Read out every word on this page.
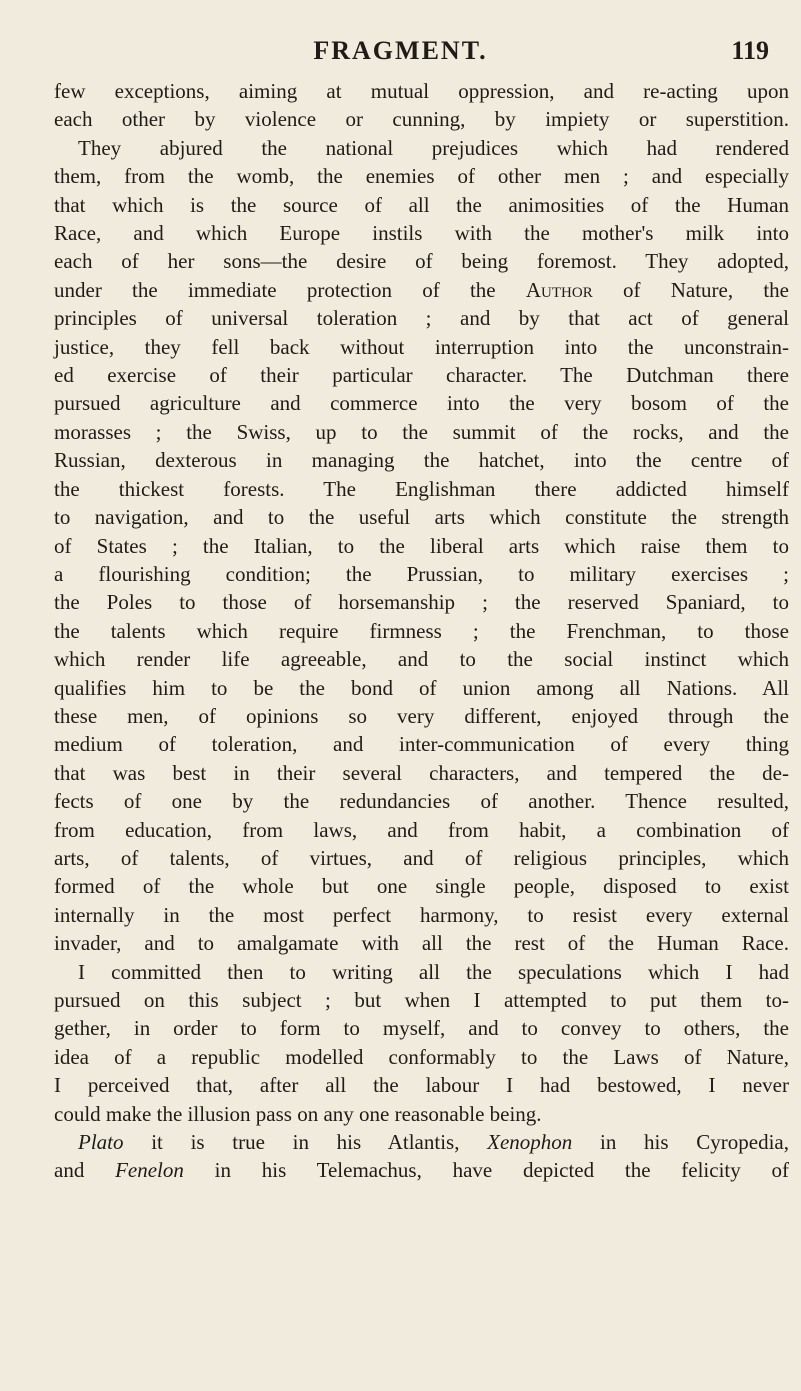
FRAGMENT.	119
few exceptions, aiming at mutual oppression, and re-acting upon
each other by violence or cunning, by impiety or superstition.
They abjured the national prejudices which had rendered
them, from the womb, the enemies of other men ; and especially
that which is the source of all the animosities of the Human
Race, and which Europe instils with the mother's milk into
each of her sons—the desire of being foremost. They adopted,
under the immediate protection of the Author of Nature, the
principles of universal toleration ; and by that act of general
justice, they fell back without interruption into the unconstrain-
ed exercise of their particular character. The Dutchman there
pursued agriculture and commerce into the very bosom of the
morasses ; the Swiss, up to the summit of the rocks, and the
Russian, dexterous in managing the hatchet, into the centre of
the thickest forests. The Englishman there addicted himself
to navigation, and to the useful arts which constitute the strength
of States ; the Italian, to the liberal arts which raise them to
a flourishing condition; the Prussian, to military exercises ;
the Poles to those of horsemanship ; the reserved Spaniard, to
the talents which require firmness ; the Frenchman, to those
which render life agreeable, and to the social instinct which
qualifies him to be the bond of union among all Nations. All
these men, of opinions so very different, enjoyed through the
medium of toleration, and inter-communication of every thing
that was best in their several characters, and tempered the de-
fects of one by the redundancies of another. Thence resulted,
from education, from laws, and from habit, a combination of
arts, of talents, of virtues, and of religious principles, which
formed of the whole but one single people, disposed to exist
internally in the most perfect harmony, to resist every external
invader, and to amalgamate with all the rest of the Human Race.
I committed then to writing all the speculations which I had
pursued on this subject ; but when I attempted to put them to-
gether, in order to form to myself, and to convey to others, the
idea of a republic modelled conformably to the Laws of Nature,
I perceived that, after all the labour I had bestowed, I never
could make the illusion pass on any one reasonable being.
Plato it is true in his Atlantis, Xenophon in his Cyropedia,
and Fenelon in his Telemachus, have depicted the felicity of
